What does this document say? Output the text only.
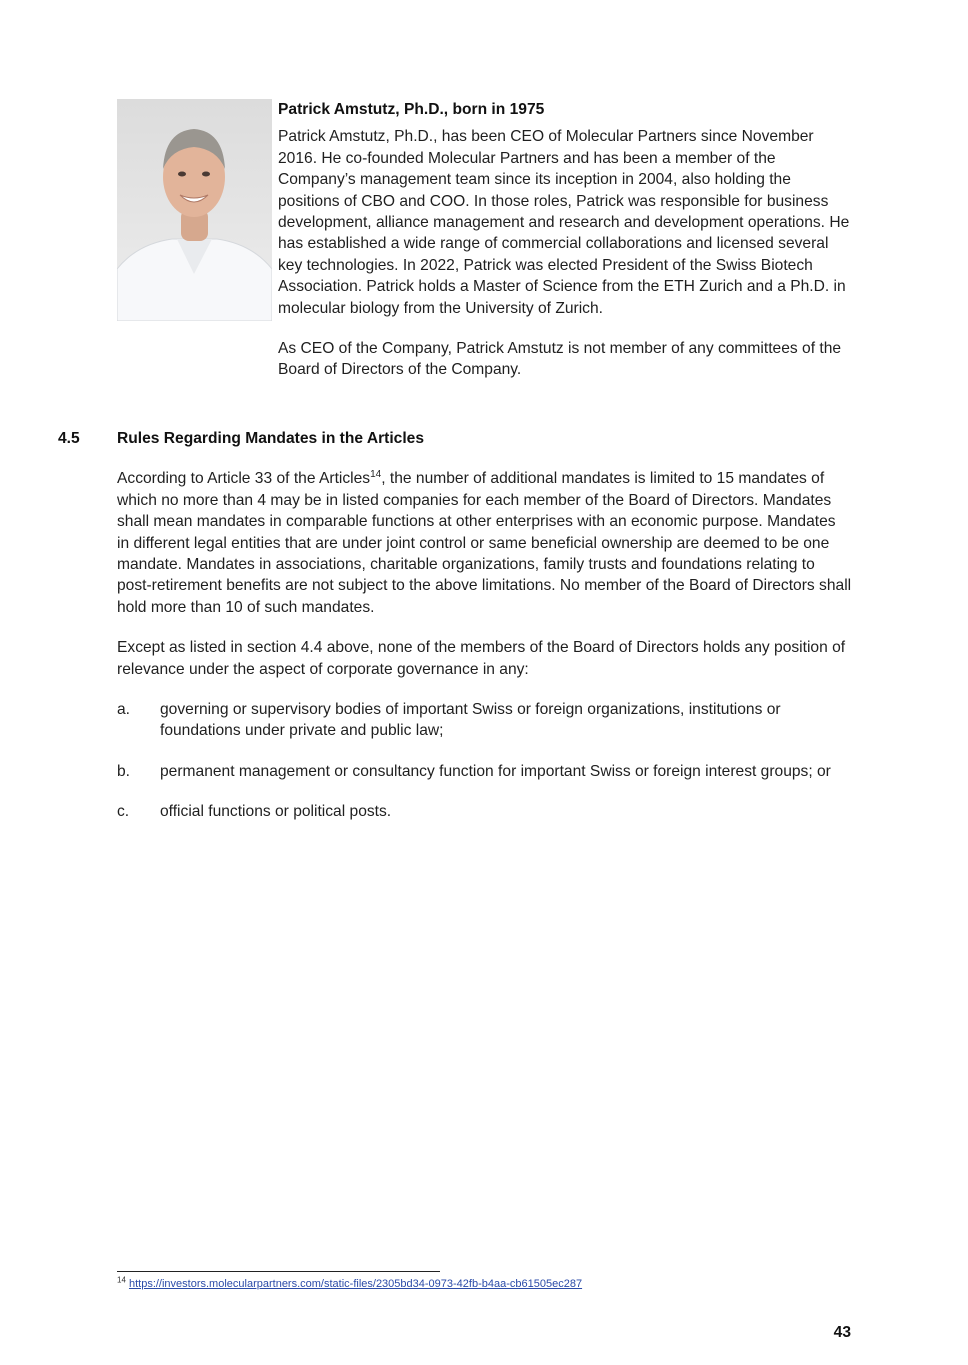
Patrick Amstutz, Ph.D., born in 1975

Patrick Amstutz, Ph.D., has been CEO of Molecular Partners since November 2016. He co-founded Molecular Partners and has been a member of the Company’s management team since its inception in 2004, also holding the positions of CBO and COO. In those roles, Patrick was responsible for business development, alliance management and research and development operations. He has established a wide range of commercial collaborations and licensed several key technologies. In 2022, Patrick was elected President of the Swiss Biotech Association. Patrick holds a Master of Science from the ETH Zurich and a Ph.D. in molecular biology from the University of Zurich.

As CEO of the Company, Patrick Amstutz is not member of any committees of the Board of Directors of the Company.

4.5	Rules Regarding Mandates in the Articles

According to Article 33 of the Articles$^{14}$, the number of additional mandates is limited to 15 mandates of which no more than 4 may be in listed companies for each member of the Board of Directors. Mandates shall mean mandates in comparable functions at other enterprises with an economic purpose. Mandates in different legal entities that are under joint control or same beneficial ownership are deemed to be one mandate. Mandates in associations, charitable organizations, family trusts and foundations relating to post-retirement benefits are not subject to the above limitations. No member of the Board of Directors shall hold more than 10 of such mandates.

Except as listed in section 4.4 above, none of the members of the Board of Directors holds any position of relevance under the aspect of corporate governance in any:

a.	governing or supervisory bodies of important Swiss or foreign organizations, institutions or foundations under private and public law;
b.	permanent management or consultancy function for important Swiss or foreign interest groups; or
c.	official functions or political posts.
$^{14}$ https://investors.molecularpartners.com/static-files/2305bd34-0973-42fb-b4aa-cb61505ec287
43
